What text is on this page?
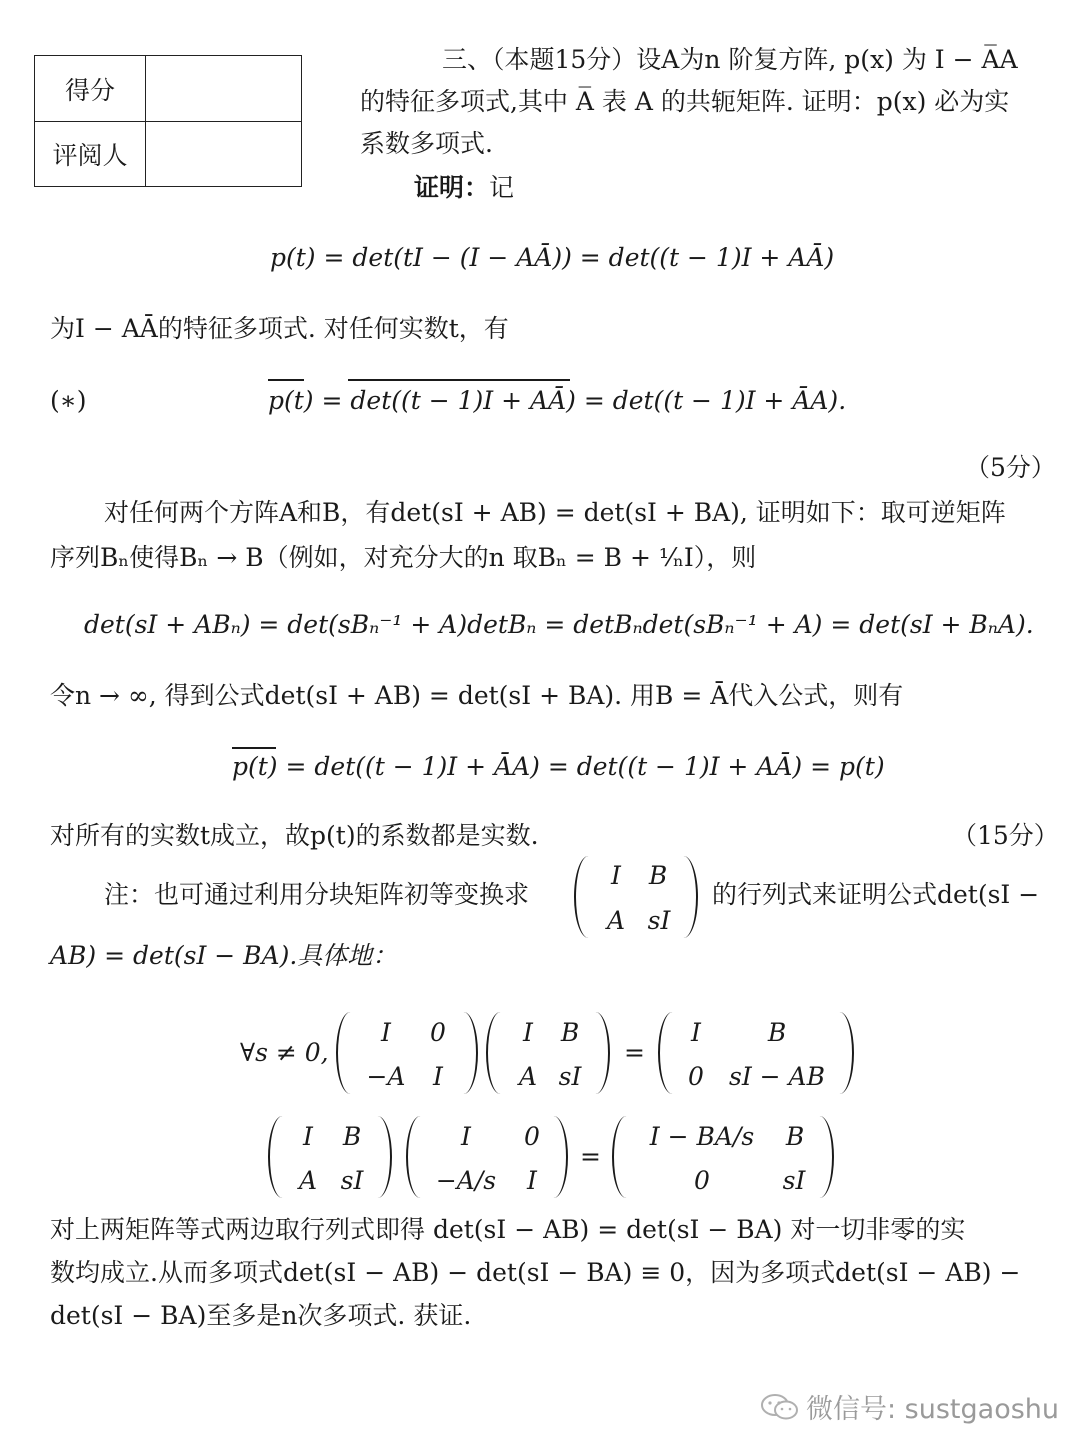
得分
评阅人
三、（本题15分）设A为n 阶复方阵, p(x) 为 I − A̅A
的特征多项式,其中 A̅ 表 A 的共轭矩阵. 证明：p(x) 必为实
系数多项式.
证明：记
p(t) = det(tI − (I − AĀ)) = det((t − 1)I + AĀ)
为I − AĀ的特征多项式. 对任何实数t，有
(∗)	p(t) = det((t − 1)I + AĀ) = det((t − 1)I + ĀA).
（5分）
对任何两个方阵A和B，有det(sI + AB) = det(sI + BA), 证明如下：取可逆矩阵
序列Bₙ使得Bₙ → B（例如，对充分大的n 取Bₙ = B + ¹⁄ₙI），则
det(sI + ABₙ) = det(sBₙ⁻¹ + A)detBₙ = detBₙdet(sBₙ⁻¹ + A) = det(sI + BₙA).
令n → ∞, 得到公式det(sI + AB) = det(sI + BA). 用B = Ā代入公式，则有
p(t) = det((t − 1)I + ĀA) = det((t − 1)I + AĀ) = p(t)
对所有的实数t成立，故p(t)的系数都是实数.	（15分）
注：也可通过利用分块矩阵初等变换求
I	B
A sI
的行列式来证明公式det(sI −
AB) = det(sI − BA).具体地：
∀s ≠ 0,
I	0
−A	I
I	B
A sI
=
I	B
0	sI − AB
I	B
A sI
I	0
−A/s	I
=
I − BA/s	B
0	sI
对上两矩阵等式两边取行列式即得 det(sI − AB) = det(sI − BA) 对一切非零的实
数均成立.从而多项式det(sI − AB) − det(sI − BA) ≡ 0，因为多项式det(sI − AB) −
det(sI − BA)至多是n次多项式. 获证.
微信号: sustgaoshu
